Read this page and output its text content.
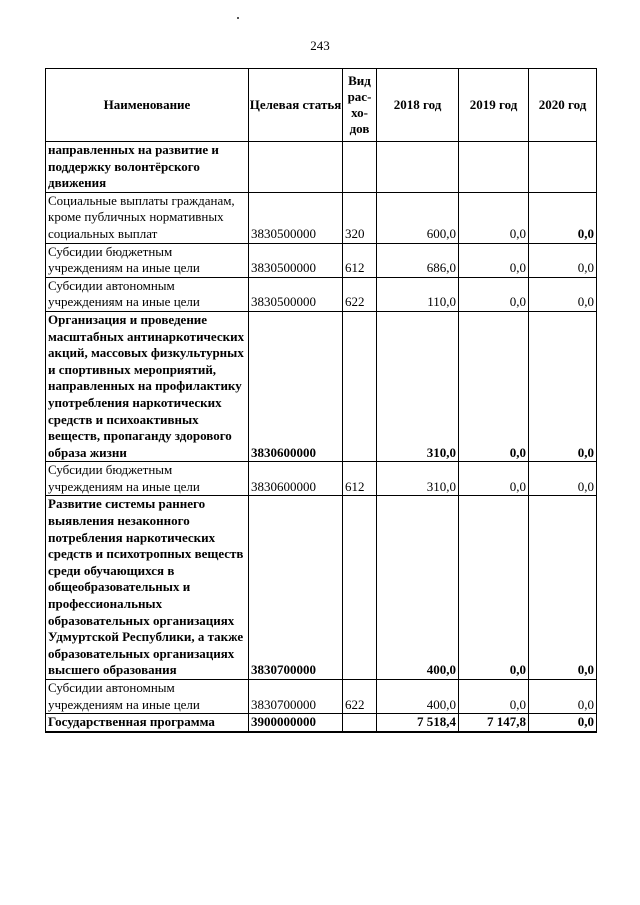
243
Наименование	Целевая статья	Вид рас- хо- дов	2018 год	2019 год	2020 год
направленных на развитие и поддержку волонтёрского движения					
Социальные выплаты гражданам, кроме публичных нормативных социальных выплат	3830500000	320	600,0	0,0	0,0
Субсидии бюджетным учреждениям на иные цели	3830500000	612	686,0	0,0	0,0
Субсидии автономным учреждениям на иные цели	3830500000	622	110,0	0,0	0,0
Организация и проведение масштабных антинаркотических акций, массовых физкультурных и спортивных мероприятий, направленных на профилактику употребления наркотических средств и психоактивных веществ, пропаганду здорового образа жизни	3830600000		310,0	0,0	0,0
Субсидии бюджетным учреждениям на иные цели	3830600000	612	310,0	0,0	0,0
Развитие системы раннего выявления незаконного потребления наркотических средств и психотропных веществ среди обучающихся в общеобразовательных и профессиональных образовательных организациях Удмуртской Республики, а также образовательных организациях высшего образования	3830700000		400,0	0,0	0,0
Субсидии автономным учреждениям на иные цели	3830700000	622	400,0	0,0	0,0
Государственная программа	3900000000		7 518,4	7 147,8	0,0
